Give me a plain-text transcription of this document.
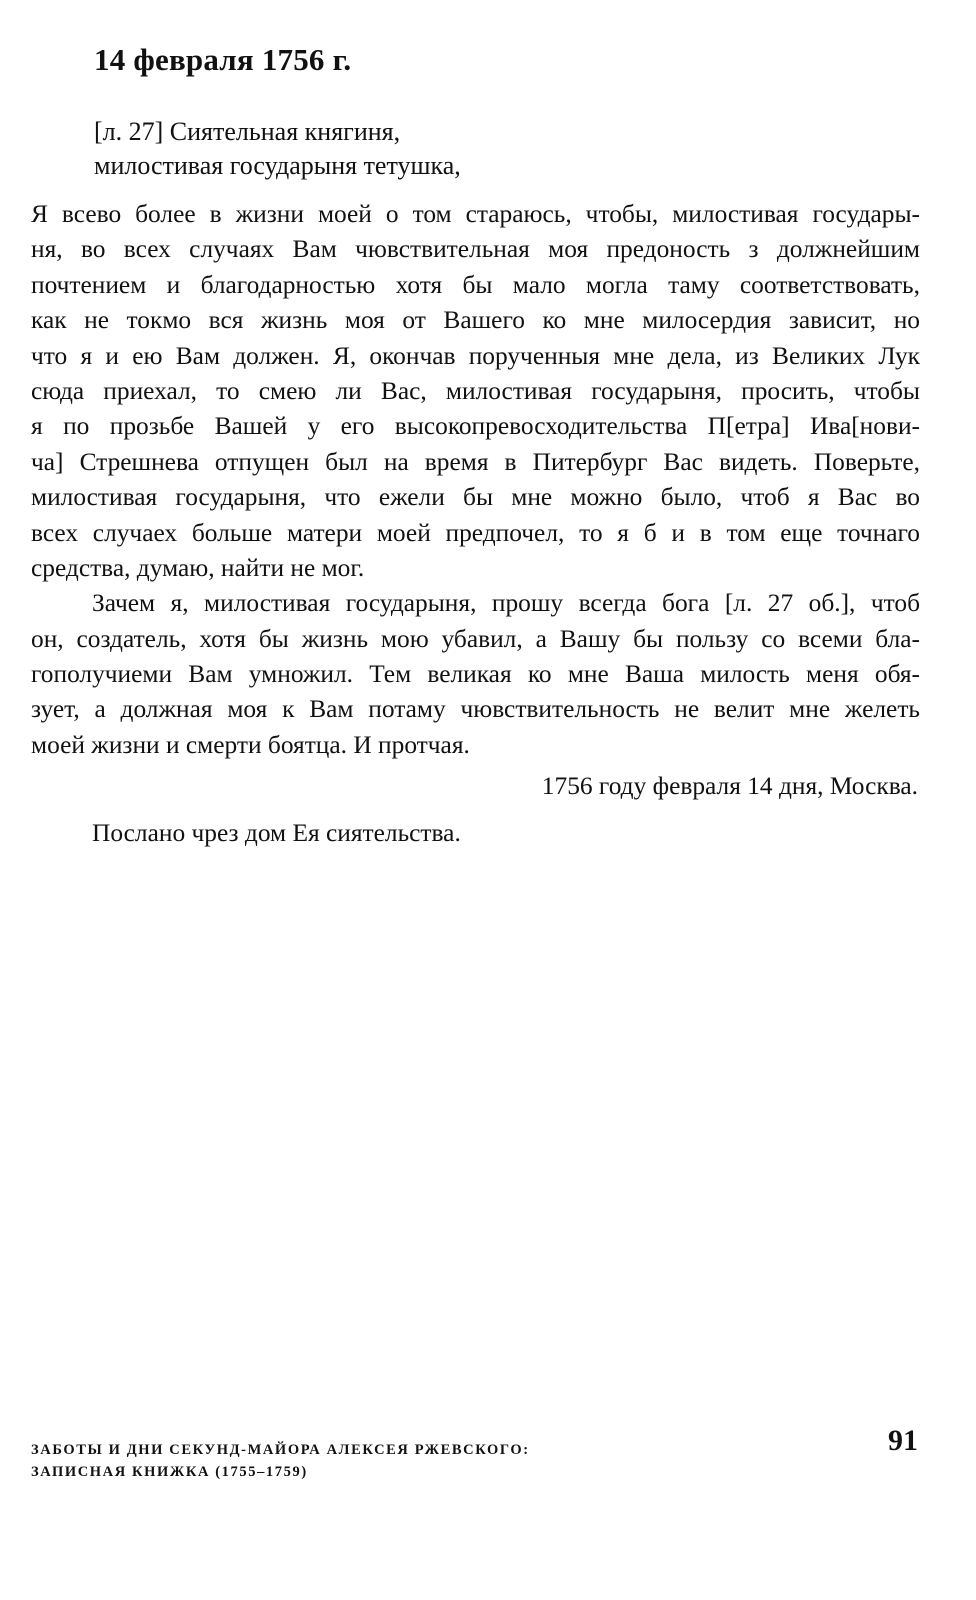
14 февраля 1756 г.
[л. 27] Сиятельная княгиня,
милостивая государыня тетушка,
Я всево более в жизни моей о том стараюсь, чтобы, милостивая государы-
ня, во всех случаях Вам чювствительная моя предоность з должнейшим
почтением и благодарностью хотя бы мало могла таму соответствовать,
как не токмо вся жизнь моя от Вашего ко мне милосердия зависит, но
что я и ею Вам должен. Я, окончав порученныя мне дела, из Великих Лук
сюда приехал, то смею ли Вас, милостивая государыня, просить, чтобы
я по прозьбе Вашей у его высокопревосходительства П[етра] Ива[нови-
ча] Стрешнева отпущен был на время в Питербург Вас видеть. Поверьте,
милостивая государыня, что ежели бы мне можно было, чтоб я Вас во
всех случаех больше матери моей предпочел, то я б и в том еще точнаго
средства, думаю, найти не мог.
Зачем я, милостивая государыня, прошу всегда бога [л. 27 об.], чтоб
он, создатель, хотя бы жизнь мою убавил, а Вашу бы пользу со всеми бла-
гополучиеми Вам умножил. Тем великая ко мне Ваша милость меня обя-
зует, а должная моя к Вам потаму чювствительность не велит мне желеть
моей жизни и смерти боятца. И протчая.
1756 году февраля 14 дня, Москва.
Послано чрез дом Ея сиятельства.
ЗАБОТЫ И ДНИ СЕКУНД-МАЙОРА АЛЕКСЕЯ РЖЕВСКОГО:
ЗАПИСНАЯ КНИЖКА (1755–1759)
91
